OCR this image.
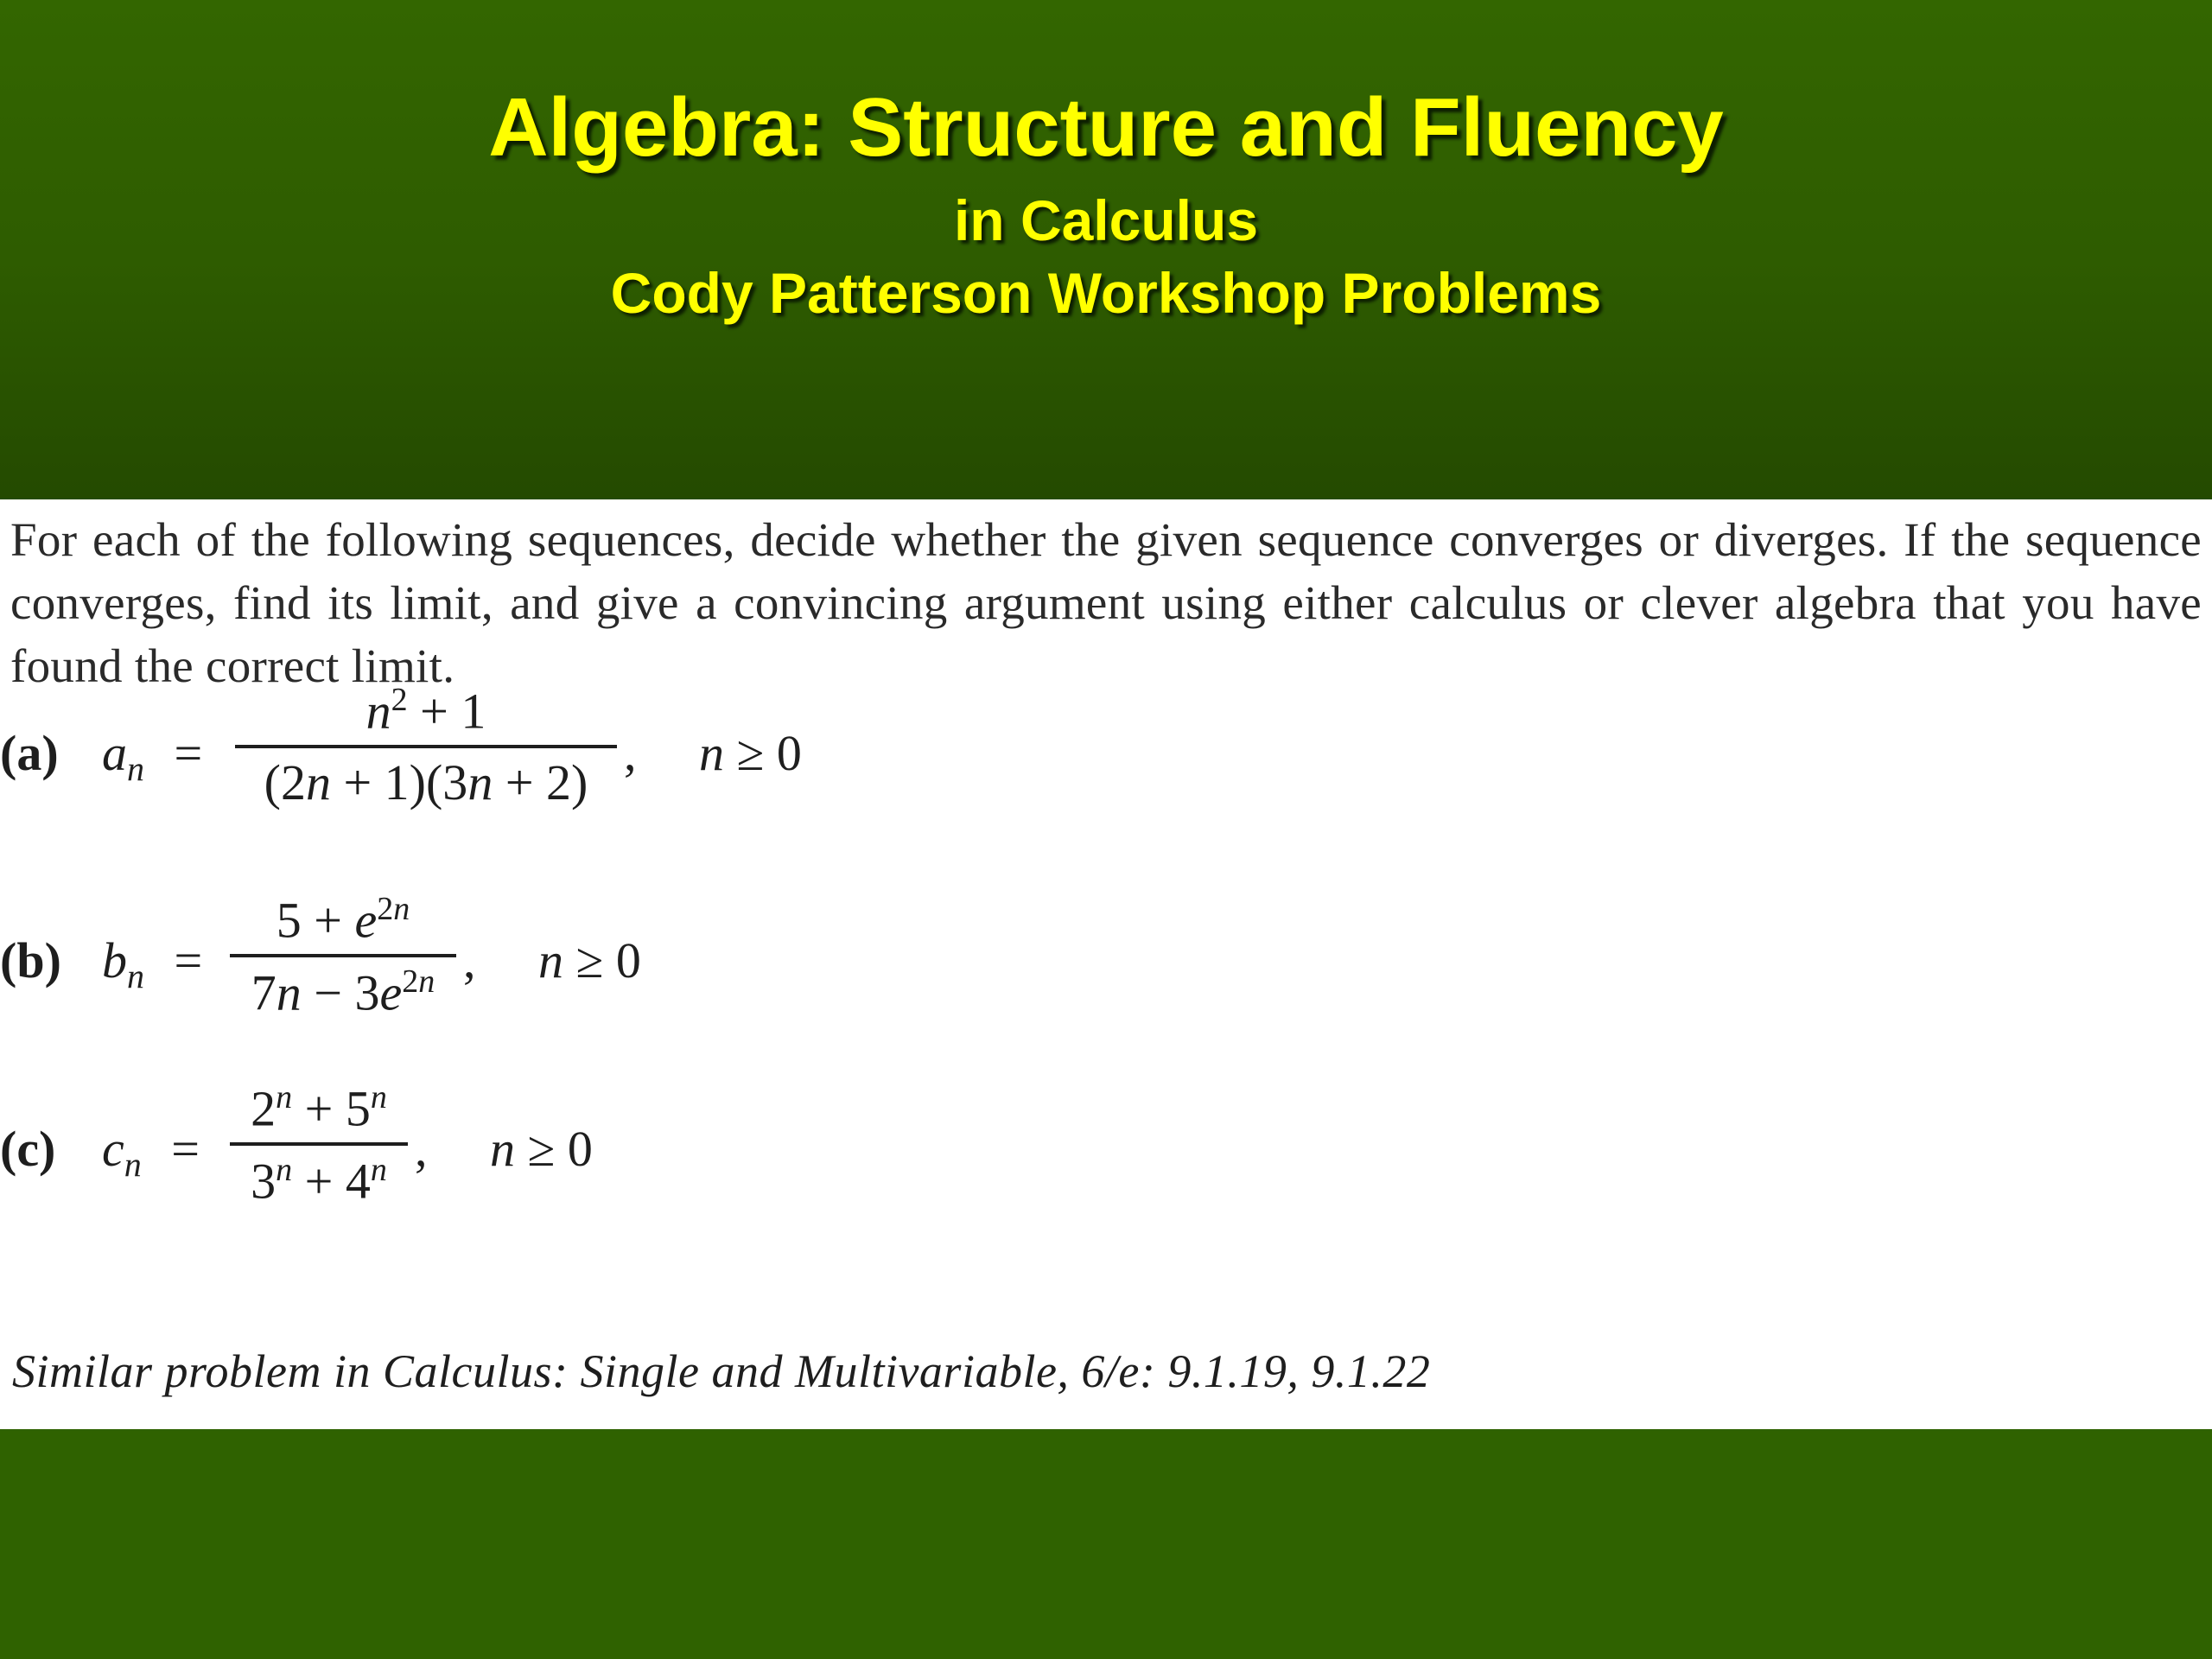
Algebra: Structure and Fluency
in Calculus
Cody Patterson Workshop Problems
For each of the following sequences, decide whether the given sequence converges or diverges. If the sequence converges, find its limit, and give a convincing argument using either calculus or clever algebra that you have found the correct limit.
(a) $a_n$ =
$n^2 + 1$
(2n + 1)(3n + 2)
,     n ≥ 0
(b) $b_n$ =
$5 + e^{2n}$
$7n - 3e^{2n}$ ,     n ≥ 0
(c) $c_n$ =
$2^n + 5^n$
$3^n + 4^n$ ,     n ≥ 0
Similar problem in Calculus: Single and Multivariable, 6/e: 9.1.19, 9.1.22
